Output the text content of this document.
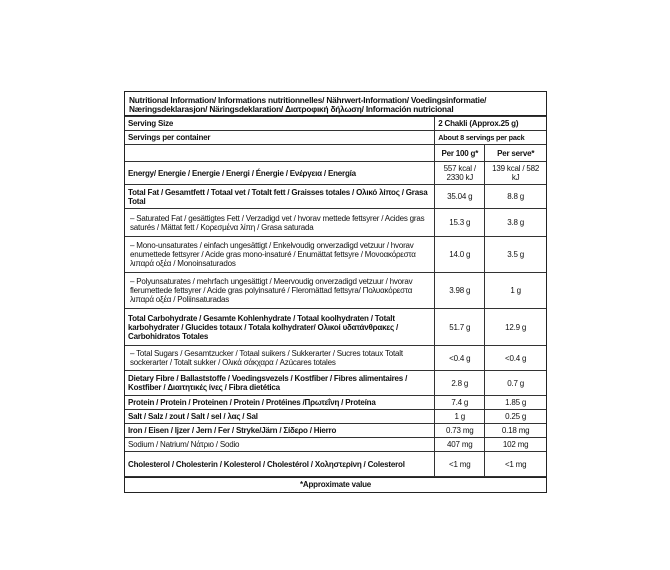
Nutritional Information/ Informations nutritionnelles/ Nährwert-Information/ Voedingsinformatie/ Næringsdeklarasjon/ Näringsdeklaration/ Διατροφική δήλωση/ Información nutricional
Serving Size	2 Chakli (Approx.25 g)	
Servings per container	About 8 servings per pack	
	Per 100 g*	Per serve*
Energy/ Energie / Energie / Energi / Énergie / Ενέργεια / Energía	557 kcal / 2330 kJ	139 kcal / 582 kJ
Total Fat / Gesamtfett / Totaal vet / Totalt fett / Graisses totales / Ολικό λίπος / Grasa Total	35.04 g	8.8 g
– Saturated Fat / gesättigtes Fett / Verzadigd vet / hvorav mettede fettsyrer / Acides gras saturés / Mättat fett / Κορεσμένα λίπη / Grasa saturada	15.3 g	3.8 g
– Mono-unsaturates / einfach ungesättigt / Enkelvoudig onverzadigd vetzuur / hvorav enumettede fettsyrer / Acide gras mono-insaturé / Enumättat fettsyre / Μονοακόρεστα λιπαρά οξέα / Monoinsaturados	14.0 g	3.5 g
– Polyunsaturates / mehrfach ungesättigt / Meervoudig onverzadigd vetzuur / hvorav flerumettede fettsyrer / Acide gras polyinsaturé / Fleromättad fettsyra/ Πολυακόρεστα λιπαρά οξέα / Poliinsaturadas	3.98 g	1 g
Total Carbohydrate / Gesamte Kohlenhydrate / Totaal koolhydraten / Totalt karbohydrater / Glucides totaux / Totala kolhydrater/ Ολικοί υδατάνθρακες / Carbohidratos Totales	51.7 g	12.9 g
– Total Sugars / Gesamtzucker / Totaal suikers / Sukkerarter / Sucres totaux Totalt sockerarter / Totalt sukker / Ολικά σάκχαρα / Azúcares totales	<0.4 g	<0.4 g
Dietary Fibre / Ballaststoffe / Voedingsvezels / Kostfiber / Fibres alimentaires / Kostfiber / Διαιτητικές ίνες / Fibra dietética	2.8 g	0.7 g
Protein / Protein / Proteinen / Protein / Protéines /Πρωτεΐνη / Proteína	7.4 g	1.85 g
Salt / Salz / zout / Salt / sel / λας / Sal	1 g	0.25 g
Iron / Eisen / Ijzer / Jern / Fer / Stryke/Järn / Σίδερο / Hierro	0.73 mg	0.18 mg
Sodium / Natrium/ Νάτριο / Sodio	407 mg	102 mg
Cholesterol / Cholesterin / Kolesterol / Cholestérol / Χοληστερίνη / Colesterol	<1 mg	<1 mg
*Approximate value
